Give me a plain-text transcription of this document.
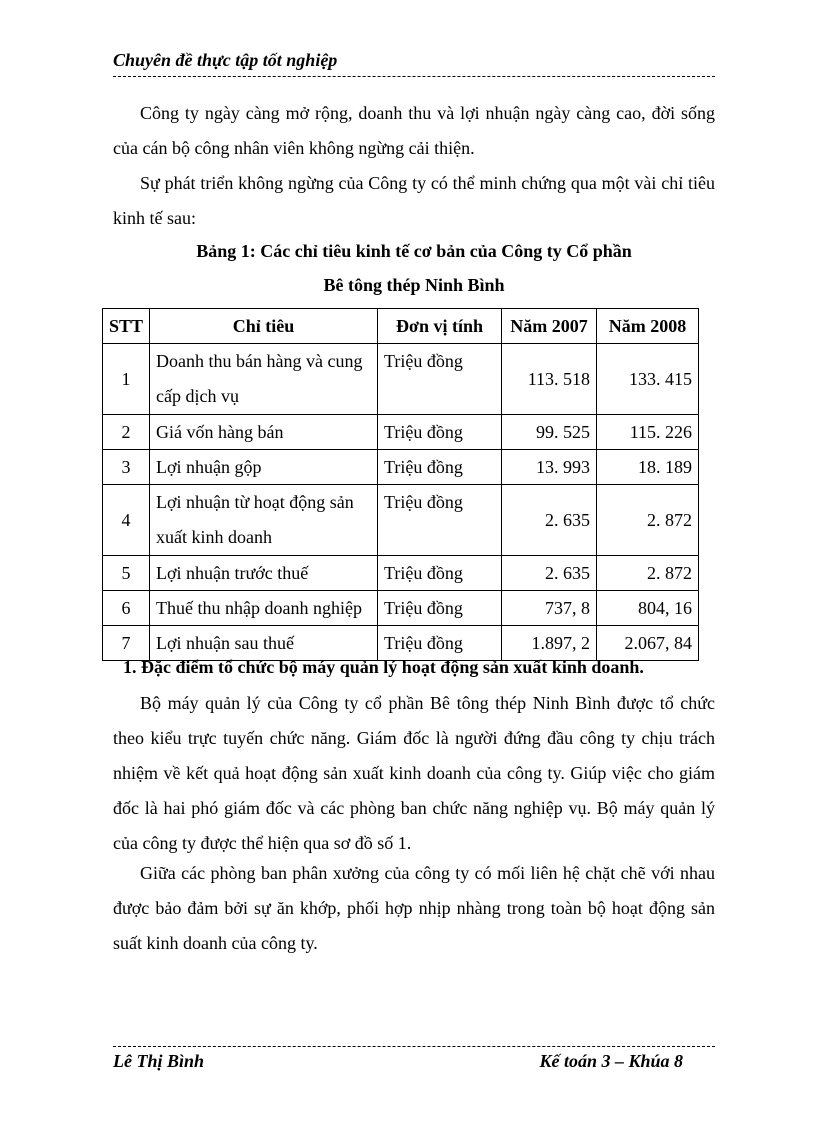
Chuyên đề thực tập tốt nghiệp
Công ty ngày càng mở rộng, doanh thu và lợi nhuận ngày càng cao, đời sống của cán bộ công nhân viên không ngừng cải thiện.
Sự phát triển không ngừng của Công ty có thể minh chứng qua một vài chỉ tiêu kinh tế sau:
Bảng 1: Các chỉ tiêu kinh tế cơ bản của Công ty Cổ phần
Bê tông thép Ninh Bình
STT	Chỉ tiêu	Đơn vị tính	Năm 2007	Năm 2008
1	Doanh thu bán hàng và cung cấp dịch vụ	Triệu đồng	113. 518	133. 415
2	Giá vốn hàng bán	Triệu đồng	99. 525	115. 226
3	Lợi nhuận gộp	Triệu đồng	13. 993	18. 189
4	Lợi nhuận từ hoạt động sản xuất kinh doanh	Triệu đồng	2. 635	2. 872
5	Lợi nhuận trước thuế	Triệu đồng	2. 635	2. 872
6	Thuế thu nhập doanh nghiệp	Triệu đồng	737, 8	804, 16
7	Lợi nhuận sau thuế	Triệu đồng	1.897, 2	2.067, 84
1. Đặc điểm tổ chức bộ máy quản lý hoạt động sản xuất kinh doanh.
Bộ máy quản lý của Công ty cổ phần Bê tông thép Ninh Bình được tổ chức theo kiểu trực tuyến chức năng. Giám đốc là người đứng đầu công ty chịu trách nhiệm về kết quả hoạt động sản xuất kinh doanh của công ty. Giúp việc cho giám đốc là hai phó giám đốc và các phòng ban chức năng nghiệp vụ. Bộ máy quản lý của công ty được thể hiện qua sơ đồ số 1.
Giữa các phòng ban phân xưởng của công ty có mối liên hệ chặt chẽ với nhau được bảo đảm bởi sự ăn khớp, phối hợp nhịp nhàng trong toàn bộ hoạt động sản suất kinh doanh của công ty.
Lê Thị Bình	Kế toán 3 – Khúa 8
